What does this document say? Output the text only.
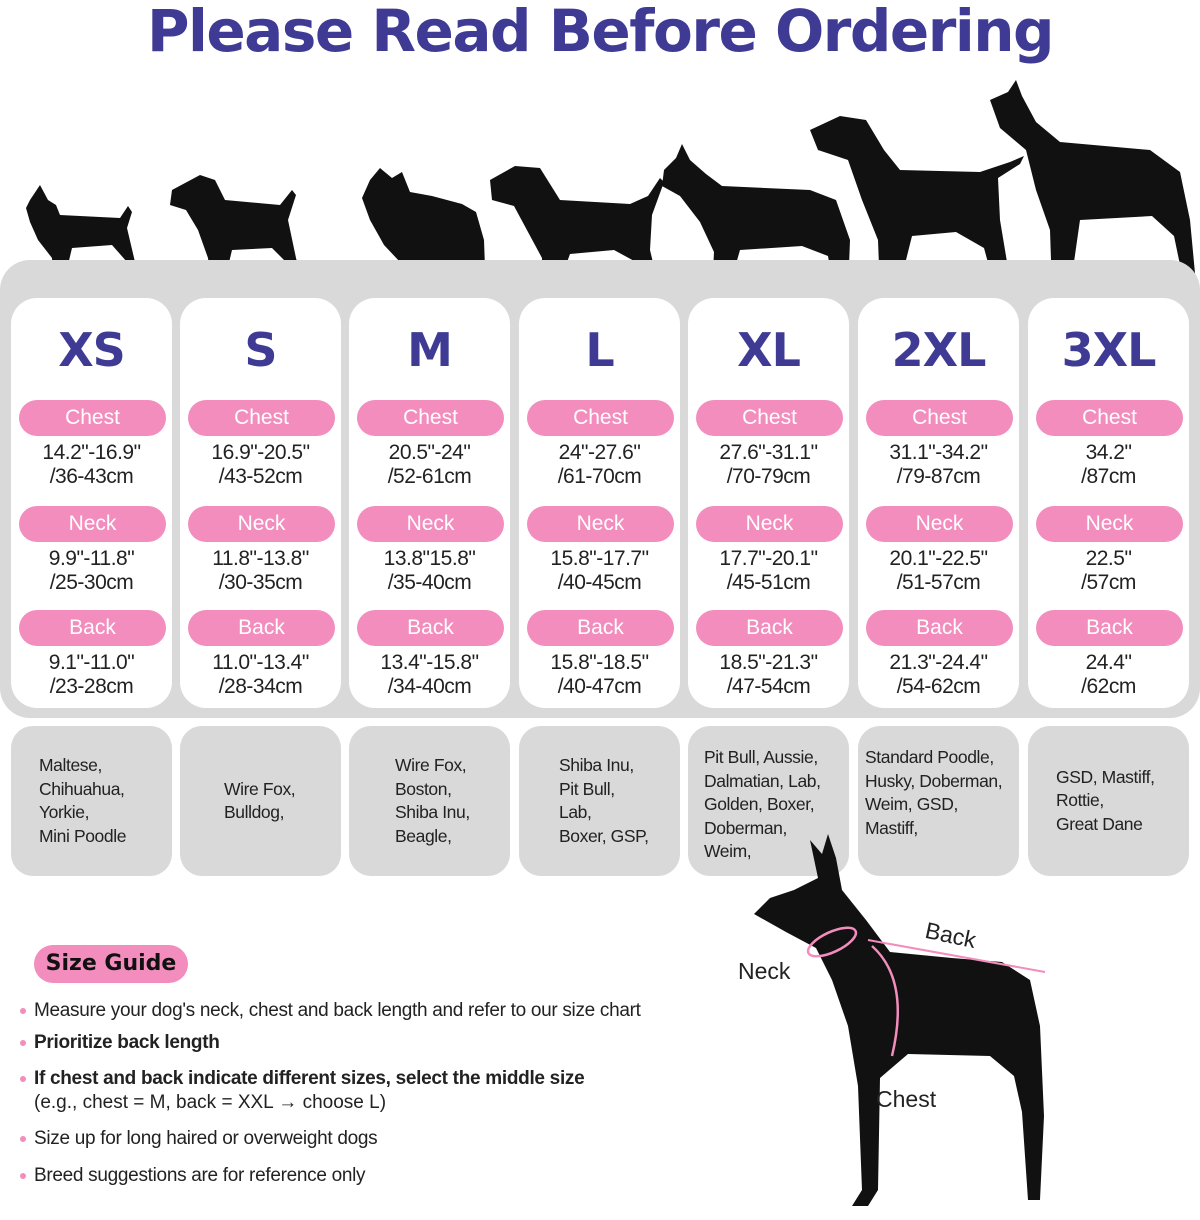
Please Read Before Ordering
XS
Chest
14.2"-16.9"
/36-43cm
Neck
9.9"-11.8"
/25-30cm
Back
9.1"-11.0"
/23-28cm
S
Chest
16.9"-20.5"
/43-52cm
Neck
11.8"-13.8"
/30-35cm
Back
11.0"-13.4"
/28-34cm
M
Chest
20.5"-24"
/52-61cm
Neck
13.8"15.8"
/35-40cm
Back
13.4"-15.8"
/34-40cm
L
Chest
24"-27.6"
/61-70cm
Neck
15.8"-17.7"
/40-45cm
Back
15.8"-18.5"
/40-47cm
XL
Chest
27.6"-31.1"
/70-79cm
Neck
17.7"-20.1"
/45-51cm
Back
18.5"-21.3"
/47-54cm
2XL
Chest
31.1"-34.2"
/79-87cm
Neck
20.1"-22.5"
/51-57cm
Back
21.3"-24.4"
/54-62cm
3XL
Chest
34.2"
/87cm
Neck
22.5"
/57cm
Back
24.4"
/62cm
Maltese,
Chihuahua,
Yorkie,
Mini Poodle
Wire Fox,
Bulldog,
Wire Fox,
Boston,
Shiba Inu,
Beagle,
Shiba Inu,
Pit Bull,
Lab,
Boxer, GSP,
Pit Bull, Aussie,
Dalmatian, Lab,
Golden, Boxer,
Doberman,
Weim,
Standard Poodle,
Husky, Doberman,
Weim, GSD,
Mastiff,
GSD, Mastiff,
Rottie,
Great Dane
Size Guide
Measure your dog's neck, chest and back length and refer to our size chart
Prioritize back length
If chest and back indicate different sizes, select the middle size
(e.g., chest = M, back = XXL → choose L)
Size up for long haired or overweight dogs
Breed suggestions are for reference only
Neck
Back
Chest
